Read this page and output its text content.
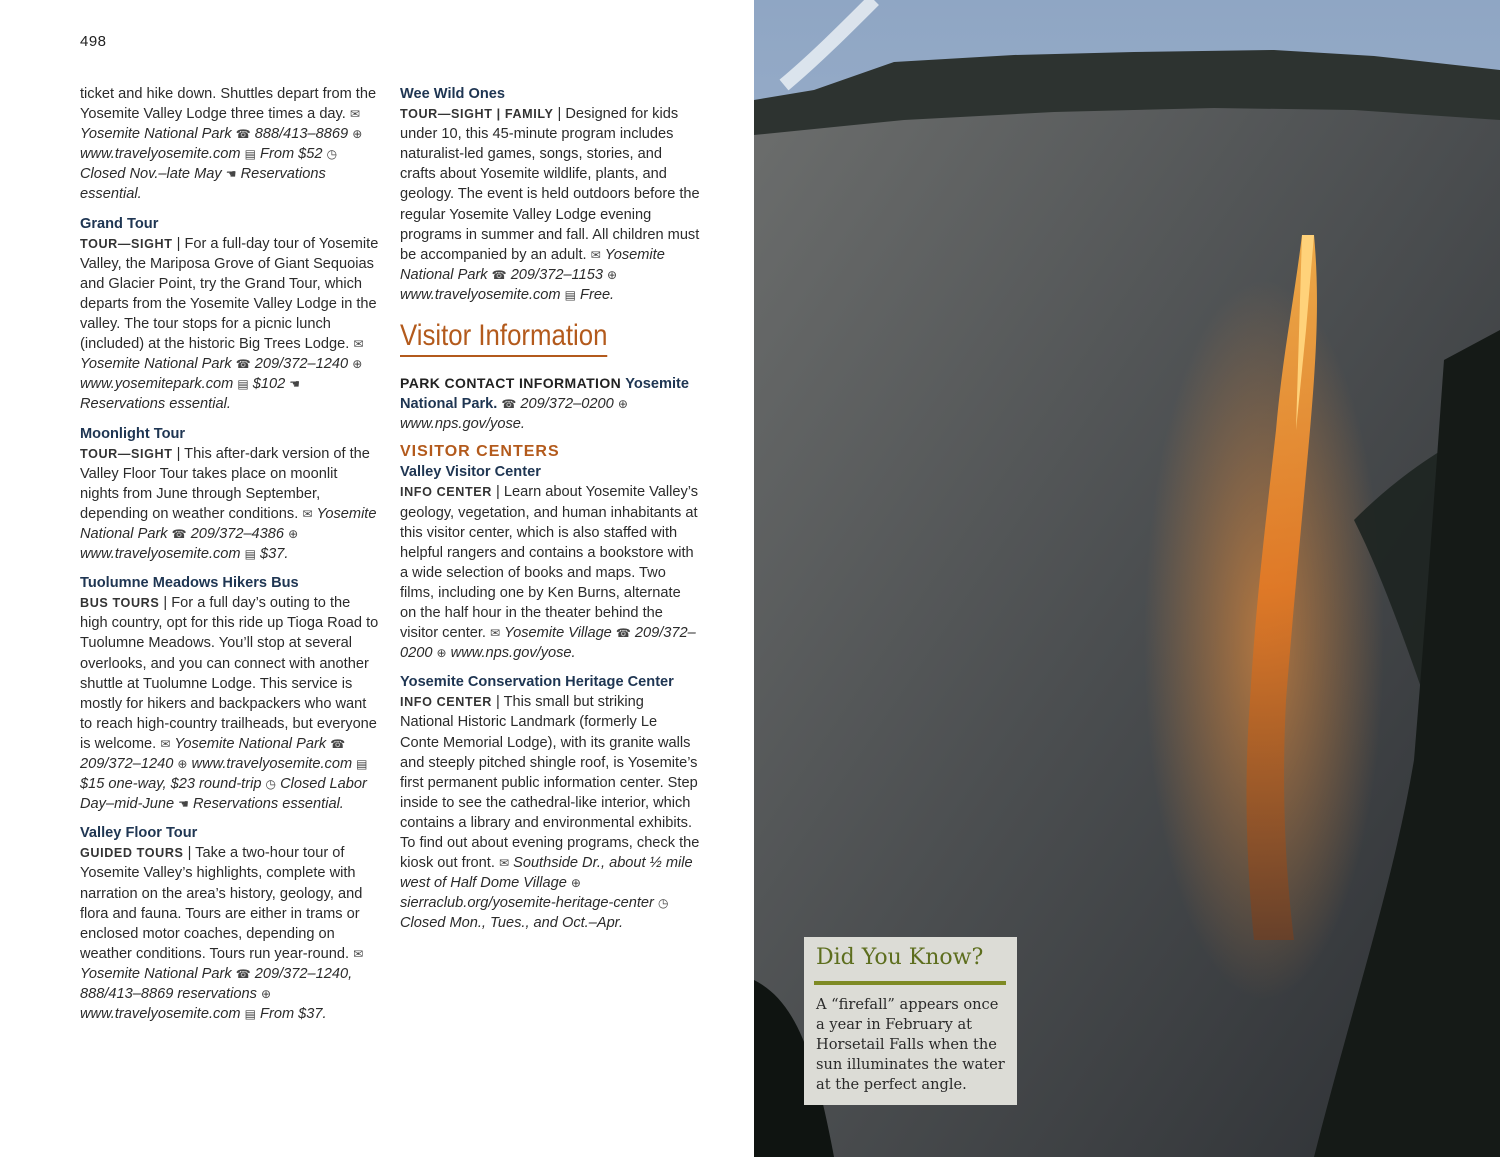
498

ticket and hike down. Shuttles depart from the Yosemite Valley Lodge three times a day. ✉ Yosemite National Park ☎ 888/413–8869 ⊕ www.travelyosemite.com ▤ From $52 ◷ Closed Nov.–late May ☚ Reservations essential.

Grand Tour

TOUR—SIGHT | For a full-day tour of Yosemite Valley, the Mariposa Grove of Giant Sequoias and Glacier Point, try the Grand Tour, which departs from the Yosemite Valley Lodge in the valley. The tour stops for a picnic lunch (included) at the historic Big Trees Lodge. ✉ Yosemite National Park ☎ 209/372–1240 ⊕ www.yosemitepark.com ▤ $102 ☚ Reservations essential.

Moonlight Tour

TOUR—SIGHT | This after-dark version of the Valley Floor Tour takes place on moonlit nights from June through September, depending on weather conditions. ✉ Yosemite National Park ☎ 209/372–4386 ⊕ www.travelyosemite.com ▤ $37.

Tuolumne Meadows Hikers Bus

BUS TOURS | For a full day’s outing to the high country, opt for this ride up Tioga Road to Tuolumne Meadows. You’ll stop at several overlooks, and you can connect with another shuttle at Tuolumne Lodge. This service is mostly for hikers and backpackers who want to reach high-country trailheads, but everyone is welcome. ✉ Yosemite National Park ☎ 209/372–1240 ⊕ www.travelyosemite.com ▤ $15 one-way, $23 round-trip ◷ Closed Labor Day–mid-June ☚ Reservations essential.

Valley Floor Tour

GUIDED TOURS | Take a two-hour tour of Yosemite Valley’s highlights, complete with narration on the area’s history, geology, and flora and fauna. Tours are either in trams or enclosed motor coaches, depending on weather conditions. Tours run year-round. ✉ Yosemite National Park ☎ 209/372–1240, 888/413–8869 reservations ⊕ www.travelyosemite.com ▤ From $37.

Wee Wild Ones

TOUR—SIGHT | FAMILY | Designed for kids under 10, this 45-minute program includes naturalist-led games, songs, stories, and crafts about Yosemite wildlife, plants, and geology. The event is held outdoors before the regular Yosemite Valley Lodge evening programs in summer and fall. All children must be accompanied by an adult. ✉ Yosemite National Park ☎ 209/372–1153 ⊕ www.travelyosemite.com ▤ Free.

Visitor Information

PARK CONTACT INFORMATION Yosemite National Park. ☎ 209/372–0200 ⊕ www.nps.gov/yose.

VISITOR CENTERS
Valley Visitor Center

INFO CENTER | Learn about Yosemite Valley’s geology, vegetation, and human inhabitants at this visitor center, which is also staffed with helpful rangers and contains a bookstore with a wide selection of books and maps. Two films, including one by Ken Burns, alternate on the half hour in the theater behind the visitor center. ✉ Yosemite Village ☎ 209/372–0200 ⊕ www.nps.gov/yose.

Yosemite Conservation Heritage Center

INFO CENTER | This small but striking National Historic Landmark (formerly Le Conte Memorial Lodge), with its granite walls and steeply pitched shingle roof, is Yosemite’s first permanent public information center. Step inside to see the cathedral-like interior, which contains a library and environmental exhibits. To find out about evening programs, check the kiosk out front. ✉ Southside Dr., about ½ mile west of Half Dome Village ⊕ sierraclub.org/yosemite-heritage-center ◷ Closed Mon., Tues., and Oct.–Apr.

Did You Know?
A “firefall” appears once a year in February at Horsetail Falls when the sun illuminates the water at the perfect angle.
